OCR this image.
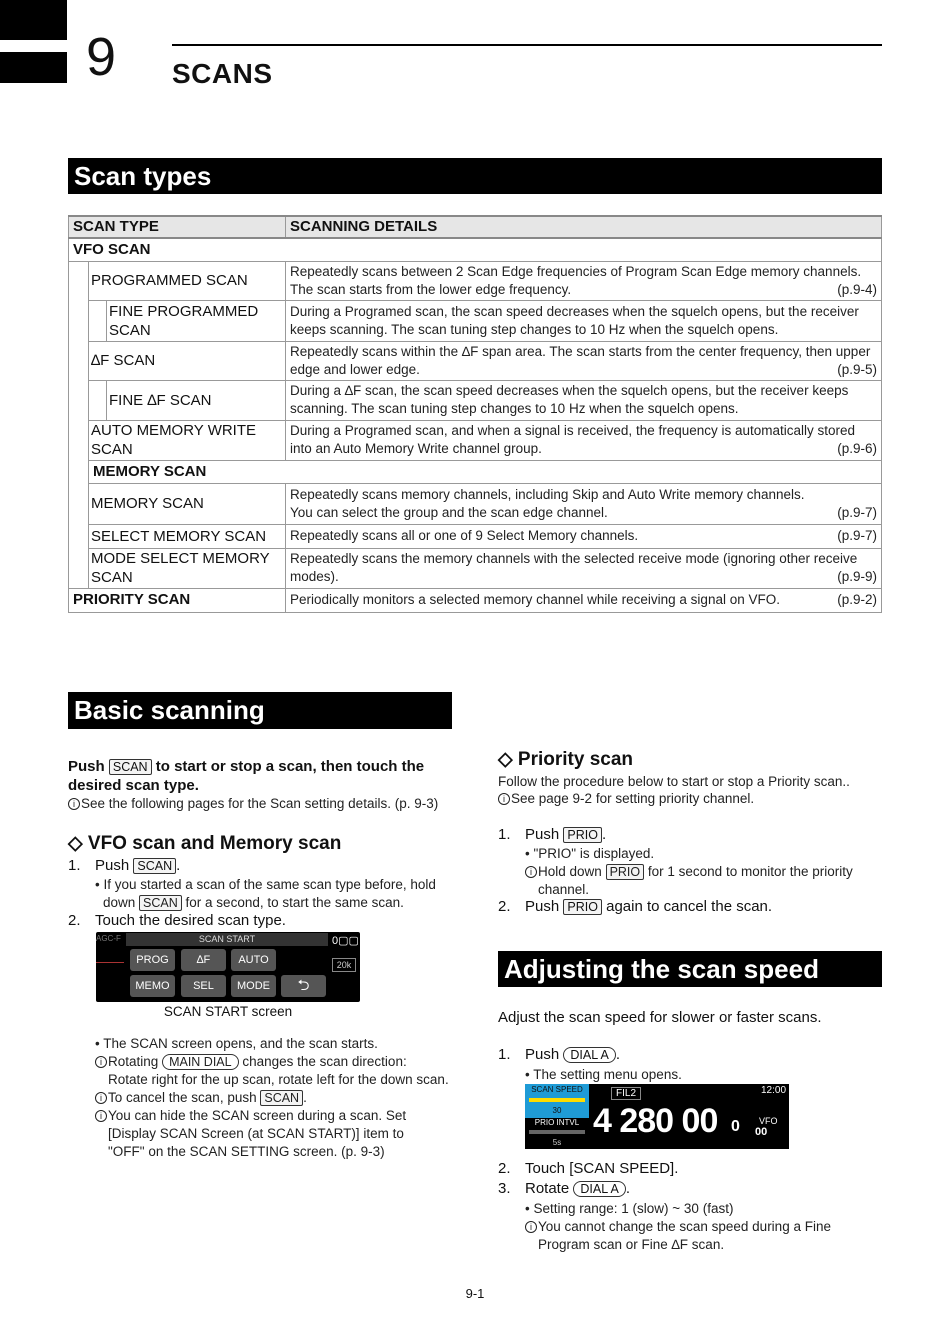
9 SCANS
Scan types
SCAN TYPE			SCANNING DETAILS
VFO SCAN			
	PROGRAMMED SCAN		Repeatedly scans between 2 Scan Edge frequencies of Program Scan Edge memory channels. The scan starts from the lower edge frequency. (p.9-4)

		FINE PROGRAMMED SCAN	During a Programed scan, the scan speed decreases when the squelch opens, but the receiver keeps scanning. The scan tuning step changes to 10 Hz when the squelch opens.
	∆F SCAN		Repeatedly scans within the ∆F span area. The scan starts from the center frequency, then upper edge and lower edge. (p.9-5)

		FINE ∆F SCAN	During a ∆F scan, the scan speed decreases when the squelch opens, but the receiver keeps scanning. The scan tuning step changes to 10 Hz when the squelch opens.
	AUTO MEMORY WRITE SCAN		During a Programed scan, and when a signal is received, the frequency is automatically stored into an Auto Memory Write channel group. (p.9-6)

	MEMORY SCAN		
	MEMORY SCAN		Repeatedly scans memory channels, including Skip and Auto Write memory channels.
You can select the group and the scan edge channel. (p.9-7)

	SELECT MEMORY SCAN		Repeatedly scans all or one of 9 Select Memory channels. (p.9-7)

	MODE SELECT MEMORY SCAN		Repeatedly scans the memory channels with the selected receive mode (ignoring other receive modes). (p.9-9)

PRIORITY SCAN			Periodically monitors a selected memory channel while receiving a signal on VFO. (p.9-2)
Basic scanning
Push SCAN to start or stop a scan, then touch the desired scan type.
i See the following pages for the Scan setting details. (p. 9-3)
◇ VFO scan and Memory scan
1. Push SCAN .
• If you started a scan of the same scan type before, hold
down SCAN for a second, to start the same scan.
2. Touch the desired scan type.
AGC-F	SCAN START	0▢▢
20k
PROG	∆F	AUTO
MEMO	SEL	MODE	⮌
SCAN START screen
• The SCAN screen opens, and the scan starts.
i Rotating MAIN DIAL changes the scan direction:
Rotate right for the up scan, rotate left for the down scan.
i To cancel the scan, push SCAN .
i You can hide the SCAN screen during a scan. Set
[Display SCAN Screen (at SCAN START)] item to
"OFF" on the SCAN SETTING screen. (p. 9-3)
◇ Priority scan
Follow the procedure below to start or stop a Priority scan..
i See page 9-2 for setting priority channel.
1. Push PRIO .
• "PRIO" is displayed.
i Hold down PRIO for 1 second to monitor the priority
channel.
2. Push PRIO again to cancel the scan.
Adjusting the scan speed
Adjust the scan speed for slower or faster scans.
1. Push DIAL A .
• The setting menu opens.
SCAN SPEED
30
PRIO INTVL
5s
FIL2	12:00
4 280 00 0 VFO
00
2. Touch [SCAN SPEED].
3. Rotate DIAL A .
• Setting range: 1 (slow) ~ 30 (fast)
i You cannot change the scan speed during a Fine
Program scan or Fine ∆F scan.
9-1
